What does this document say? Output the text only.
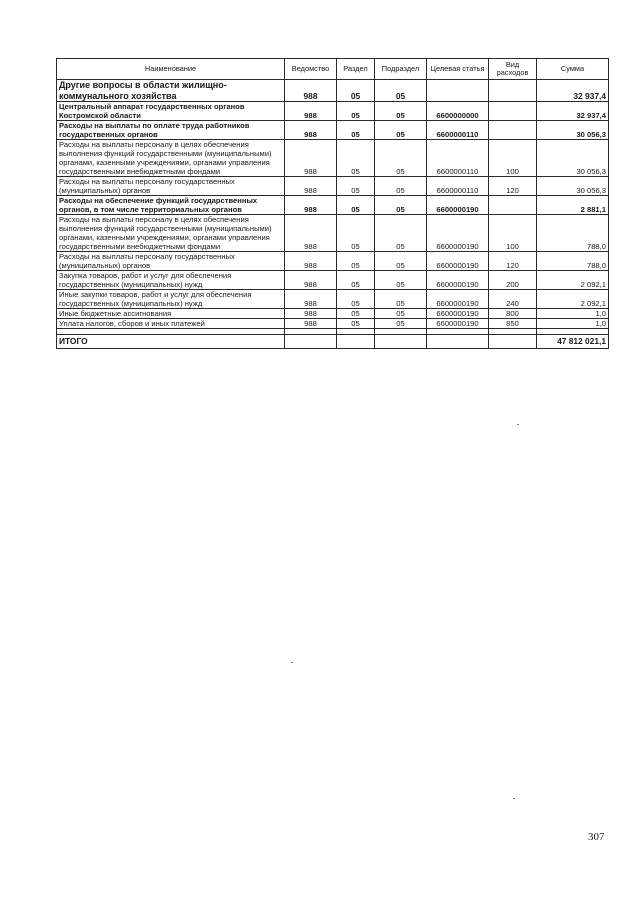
Наименование	Ведомство	Раздел	Подраздел	Целевая статья	Вид расходов	Сумма
Другие вопросы в области жилищно-коммунального хозяйства	988	05	05			32 937,4
Центральный аппарат государственных органов Костромской области	988	05	05	6600000000		32 937,4
Расходы на выплаты по оплате труда работников государственных органов	988	05	05	6600000110		30 056,3
Расходы на выплаты персоналу в целях обеспечения выполнения функций государственными (муниципальными) органами, казенными учреждениями, органами управления государственными внебюджетными фондами	988	05	05	6600000110	100	30 056,3
Расходы на выплаты персоналу государственных (муниципальных) органов	988	05	05	6600000110	120	30 056,3
Расходы на обеспечение функций государственных органов, в том числе территориальных органов	988	05	05	6600000190		2 881,1
Расходы на выплаты персоналу в целях обеспечения выполнения функций государственными (муниципальными) органами, казенными учреждениями, органами управления государственными внебюджетными фондами	988	05	05	6600000190	100	788,0
Расходы на выплаты персоналу государственных (муниципальных) органов	988	05	05	6600000190	120	788,0
Закупка товаров, работ и услуг для обеспечения государственных (муниципальных) нужд	988	05	05	6600000190	200	2 092,1
Иные закупки товаров, работ и услуг для обеспечения государственных (муниципальных) нужд	988	05	05	6600000190	240	2 092,1
Иные бюджетные ассигнования	988	05	05	6600000190	800	1,0
Уплата налогов, сборов и иных платежей	988	05	05	6600000190	850	1,0

ИТОГО						47 812 021,1
307
